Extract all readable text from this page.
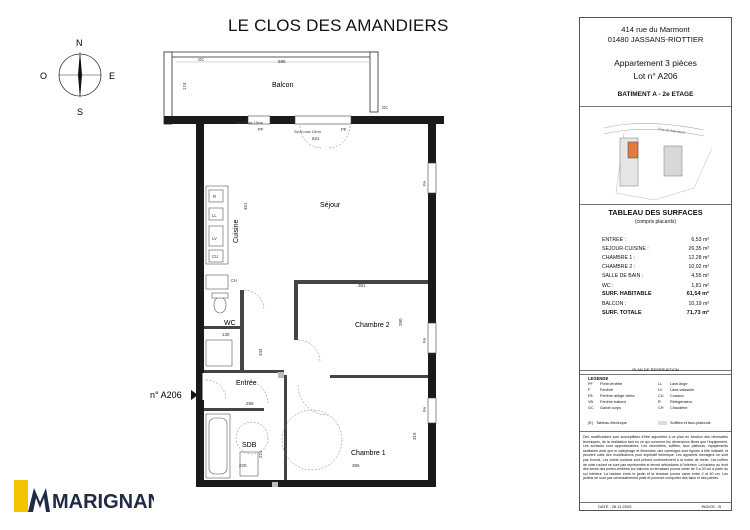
LE CLOS DES AMANDIERS
N
S
O	E
Balcon
Séjour
Chambre 2
WC
Entrée
SDB
Chambre 1
Cuisine
586
174
Seuil max 15cm
Seuil max 15cm
621
451
361
280
130
344
258
224
220	396
319
GC
GC
PF	PF
FA
FA
FA
LV
LL
CU
R
CH
n° A206
MARIGNAN
414 rue du Marmont
01480 JASSANS-RIOTTIER
Appartement 3 pièces
Lot n° A206
BATIMENT A - 2e ETAGE
Rue du Marmont
TABLEAU DES SURFACES
(compris placards)
ENTREE :	6,53 m²
SEJOUR-CUISINE :	26,35 m²
CHAMBRE 1 :	12,28 m²
CHAMBRE 2 :	10,02 m²
SALLE DE BAIN :	4,55 m²
WC :	1,81 m²
SURF. HABITABLE	61,54 m²
BALCON :	10,19 m²
SURF. TOTALE	71,73 m²
PLAN DE RESERVATION
LEGENDE
PF Porte-fenêtre
F	Fenêtre
FA Fenêtre allège vitrée
VB Fenêtre battant
GC Garde corps
LL Lave-linge
LV Lave-vaisselle
CU Cuisson
R Réfrigérateur
CH Chaudière
(E) Tableau électrique	Soffites et faux-plafonds
Des modifications sont susceptibles d'être apportées à ce plan en fonction des nécessités techniques, de la réalisation tant en ce qui concerne les dimensions libres que l'équipement. Les surfaces sont approximatives. Les retombées, soffites, faux plafonds, équipements sanitaires ainsi que le calepinage et dimension des carrelages sont figurés à titre indicatif, et peuvent subir des modifications pour impératif technique. Les appareils ménagers ne sont pas fournis. Les volets roulants sont prévus conformément à la notice de vente. Les coffres de volet roulant ne sont pas représentés et seront débordants à l'intérieur. La hauteur au droit des seuils des portes-fenêtres sur balcons ou terrasses pourra varier de 3 à 20 cm à partir du sol intérieur. La hauteur entre le jardin et la terrasse pourra varier entre 0 et 60 cm. Les jardins ne sont pas nécessairement plats et pourront comporter des talus et des pentes.
DATE : 28.11.2025	INDICE : B
